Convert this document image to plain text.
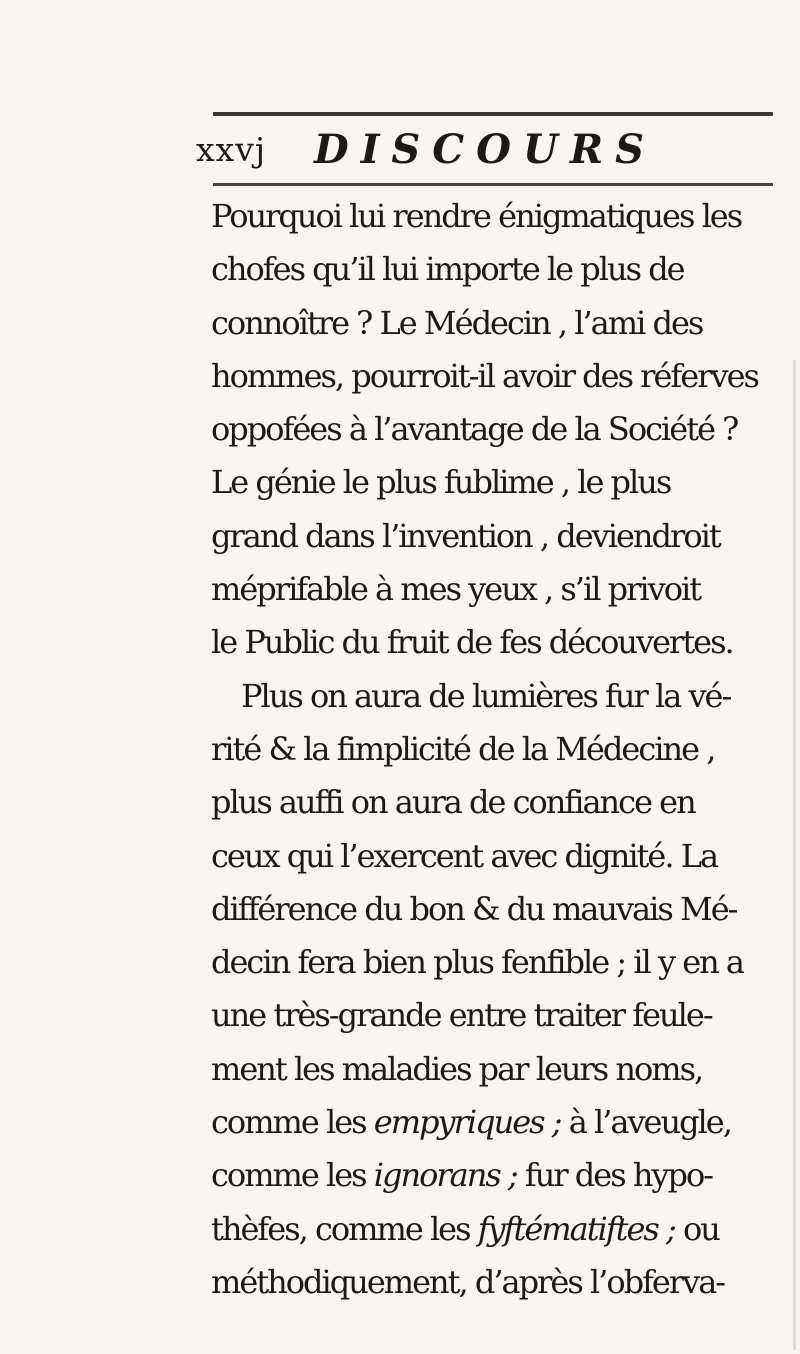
xxvj DISCOURS
Pourquoi lui rendre énigmatiques les
chofes qu’il lui importe le plus de
connoître ? Le Médecin , l’ami des
hommes, pourroit-il avoir des réferves
oppofées à l’avantage de la Société ?
Le génie le plus fublime , le plus
grand dans l’invention , deviendroit
méprifable à mes yeux , s’il privoit
le Public du fruit de fes découvertes.
Plus on aura de lumières fur la vé-
rité & la fimplicité de la Médecine ,
plus auffi on aura de confiance en
ceux qui l’exercent avec dignité. La
différence du bon & du mauvais Mé-
decin fera bien plus fenfible ; il y en a
une très-grande entre traiter feule-
ment les maladies par leurs noms,
comme les empyriques ; à l’aveugle,
comme les ignorans ; fur des hypo-
thèfes, comme les fyftématiftes ; ou
méthodiquement, d’après l’obferva-
